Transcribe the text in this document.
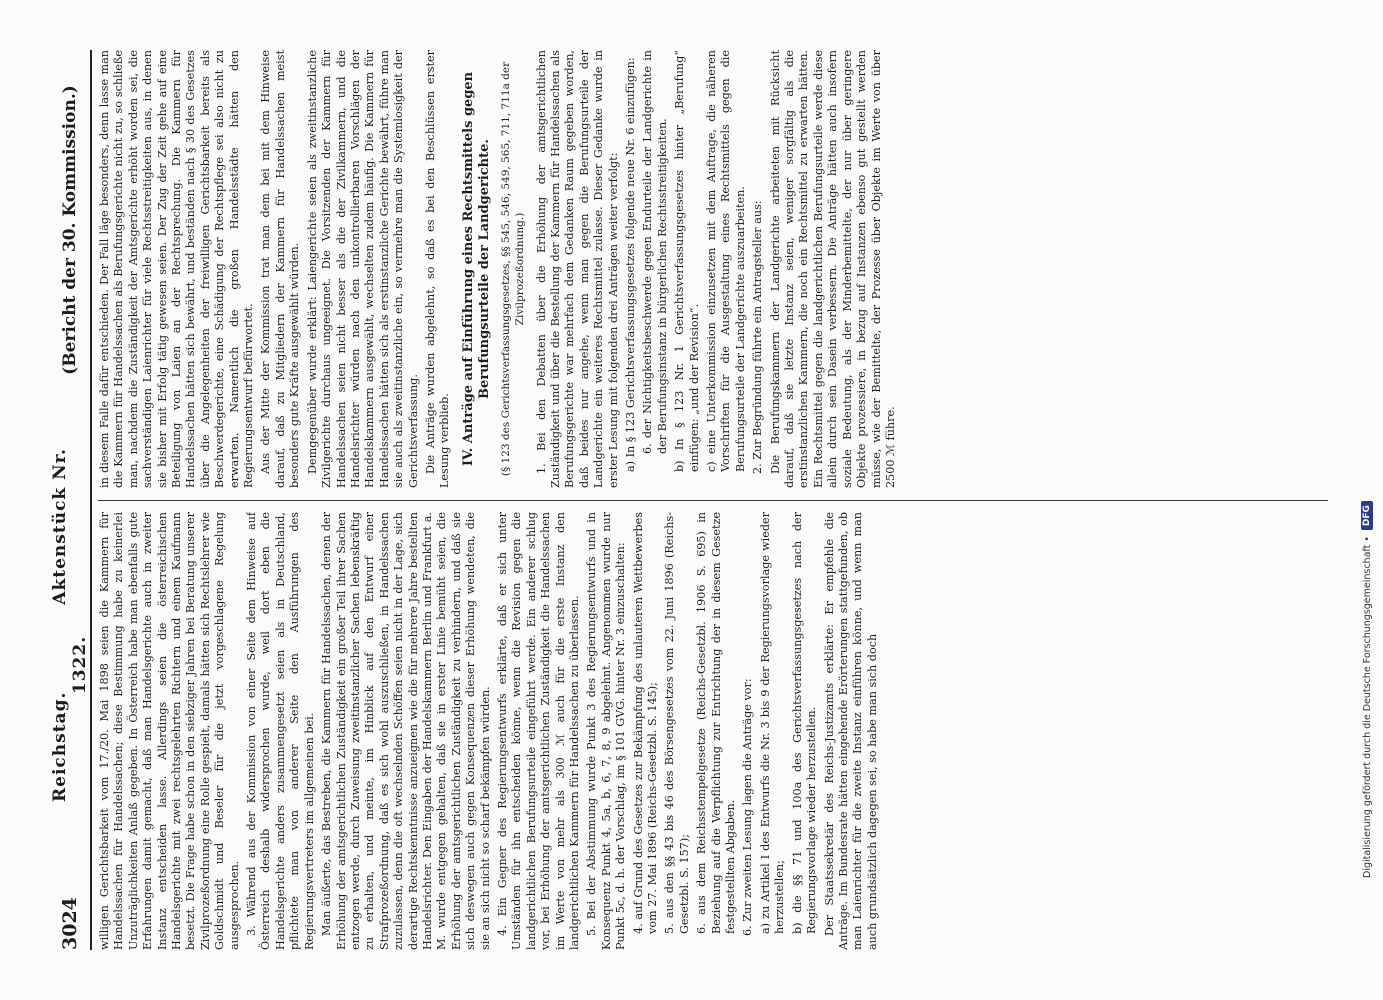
3024
Reichstag. Aktenstück Nr. 1322.
(Bericht der 30. Kommission.)

willigen Gerichtsbarkeit vom 17./20. Mai 1898 seien die Kammern für Handelssachen für Handelssachen; diese Bestimmung habe zu keinerlei Unzuträglichkeiten Anlaß gegeben. In Österreich habe man ebenfalls gute Erfahrungen damit gemacht, daß man Handelsgerichte auch in zweiter Instanz entscheiden lasse. Allerdings seien die österreichischen Handelsgerichte mit zwei rechtsgelehrten Richtern und einem Kaufmann besetzt. Die Frage habe schon in den siebziger Jahren bei Beratung unserer Zivilprozeßordnung eine Rolle gespielt, damals hätten sich Rechtslehrer wie Goldschmidt und Beseler für die jetzt vorgeschlagene Regelung ausgesprochen. 3. Während aus der Kommission von einer Seite dem Hinweise auf Österreich deshalb widersprochen wurde, weil dort eben die Handelsgerichte anders zusammengesetzt seien als in Deutschland, pflichtete man von anderer Seite den Ausführungen des Regierungsvertreters im allgemeinen bei. Man äußerte, das Bestreben, die Kammern für Handelssachen, denen der Erhöhung der amtsgerichtlichen Zuständigkeit ein großer Teil ihrer Sachen entzogen werde, durch Zuweisung zweitinstanzlicher Sachen lebenskräftig zu erhalten, und meinte, im Hinblick auf den Entwurf einer Strafprozeßordnung, daß es sich wohl auszuschließen, in Handelssachen zuzulassen, denn die oft wechselnden Schöffen seien nicht in der Lage, sich derartige Rechtskenntnisse anzueignen wie die für mehrere Jahre bestellten Handelsrichter. Den Eingaben der Handelskammern Berlin und Frankfurt a. M. wurde entgegen gehalten, daß sie in erster Linie bemüht seien, die Erhöhung der amtsgerichtlichen Zuständigkeit zu verhindern, und daß sie sich deswegen auch gegen Konsequenzen dieser Erhöhung wendeten, die sie an sich nicht so scharf bekämpfen würden. 4. Ein Gegner des Regierungsentwurfs erklärte, daß er sich unter Umständen für ihn entscheiden könne, wenn die Revision gegen die landgerichtlichen Berufungsurteile eingeführt werde. Ein anderer schlug vor, bei Erhöhung der amtsgerichtlichen Zuständigkeit die Handelssachen im Werte von mehr als 300 ℳ auch für die erste Instanz den landgerichtlichen Kammern für Handelssachen zu überlassen. 5. Bei der Abstimmung wurde Punkt 3 des Regierungsentwurfs und in Konsequenz Punkt 4, 5a, b, 6, 7, 8, 9 abgelehnt. Angenommen wurde nur Punkt 5c, d. h. der Vorschlag, im § 101 GVG. hinter Nr. 3 einzuschalten: 4. auf Grund des Gesetzes zur Bekämpfung des unlauteren Wettbewerbes vom 27. Mai 1896 (Reichs-Gesetzbl. S. 145); 5. aus den §§ 43 bis 46 des Börsengesetzes vom 22. Juni 1896 (Reichs-Gesetzbl. S. 157); 6. aus dem Reichsstempelgesetze (Reichs-Gesetzbl. 1906 S. 695) in Beziehung auf die Verpflichtung zur Entrichtung der in diesem Gesetze festgestellten Abgaben. 6. Zur zweiten Lesung lagen die Anträge vor: a) zu Artikel I des Entwurfs die Nr. 3 bis 9 der Regierungsvorlage wieder herzustellen; b) die §§ 71 und 100a des Gerichtsverfassungsgesetzes nach der Regierungsvorlage wieder herzustellen. Der Staatssekretär des Reichs-Justizamts erklärte: Er empfehle die Anträge. Im Bundesrate hätten eingehende Erörterungen stattgefunden, ob man Laienrichter für die zweite Instanz einführen könne, und wenn man auch grundsätzlich dagegen sei, so habe man sich doch

in diesem Falle dafür entschieden. Der Fall läge besonders, denn lasse man die Kammern für Handelssachen als Berufungsgerichte nicht zu, so schließe man, nachdem die Zuständigkeit der Amtsgerichte erhöht worden sei, die sachverständigen Laienrichter für viele Rechtsstreitigkeiten aus, in denen sie bisher mit Erfolg tätig gewesen seien. Der Zug der Zeit gehe auf eine Beteiligung von Laien an der Rechtsprechung. Die Kammern für Handelssachen hätten sich bewährt, und beständen nach § 30 des Gesetzes über die Angelegenheiten der freiwilligen Gerichtsbarkeit bereits als Beschwerdegerichte, eine Schädigung der Rechtspflege sei also nicht zu erwarten. Namentlich die großen Handelsstädte hätten den Regierungsentwurf befürwortet. Aus der Mitte der Kommission trat man dem bei mit dem Hinweise darauf, daß zu Mitgliedern der Kammern für Handelssachen meist besonders gute Kräfte ausgewählt würden. Demgegenüber wurde erklärt: Laiengerichte seien als zweitinstanzliche Zivilgerichte durchaus ungeeignet. Die Vorsitzenden der Kammern für Handelssachen seien nicht besser als die der Zivilkammern, und die Handelsrichter würden nach den unkontrollierbaren Vorschlägen der Handelskammern ausgewählt, wechselten zudem häufig. Die Kammern für Handelssachen hätten sich als erstinstanzliche Gerichte bewährt, führe man sie auch als zweitinstanzliche ein, so vermehre man die Systemlosigkeit der Gerichtsverfassung. Die Anträge wurden abgelehnt, so daß es bei den Beschlüssen erster Lesung verblieb. IV. Anträge auf Einführung eines Rechtsmittels gegen Berufungsurteile der Landgerichte. (§ 123 des Gerichtsverfassungsgesetzes, §§ 545, 546, 549, 565, 711, 711a der Zivilprozeßordnung.) 1. Bei den Debatten über die Erhöhung der amtsgerichtlichen Zuständigkeit und über die Bestellung der Kammern für Handelssachen als Berufungsgerichte war mehrfach dem Gedanken Raum gegeben worden, daß beides nur angehe, wenn man gegen die Berufungsurteile der Landgerichte ein weiteres Rechtsmittel zulasse. Dieser Gedanke wurde in erster Lesung mit folgenden drei Anträgen weiter verfolgt: a) In § 123 Gerichtsverfassungsgesetzes folgende neue Nr. 6 einzufügen: 6. der Nichtigkeitsbeschwerde gegen Endurteile der Landgerichte in der Berufungsinstanz in bürgerlichen Rechtsstreitigkeiten. b) In § 123 Nr. 1 Gerichtsverfassungsgesetzes hinter „Berufung“ einfügen: „und der Revision“. c) eine Unterkommission einzusetzen mit dem Auftrage, die näheren Vorschriften für die Ausgestaltung eines Rechtsmittels gegen die Berufungsurteile der Landgerichte auszuarbeiten. 2. Zur Begründung führte ein Antragsteller aus: Die Berufungskammern der Landgerichte arbeiteten mit Rücksicht darauf, daß sie letzte Instanz seien, weniger sorgfältig als die erstinstanzlichen Kammern, die noch ein Rechtsmittel zu erwarten hätten. Ein Rechtsmittel gegen die landgerichtlichen Berufungsurteile werde diese allein durch sein Dasein verbessern. Die Anträge hätten auch insofern soziale Bedeutung, als der Minderbemittelte, der nur über geringere Objekte prozessiere, in bezug auf Instanzen ebenso gut gestellt werden müsse, wie der Bemittelte, der Prozesse über Objekte im Werte von über 2500 ℳ führe.

Digitalisierung gefördert durch die Deutsche Forschungsgemeinschaft •
DFG
